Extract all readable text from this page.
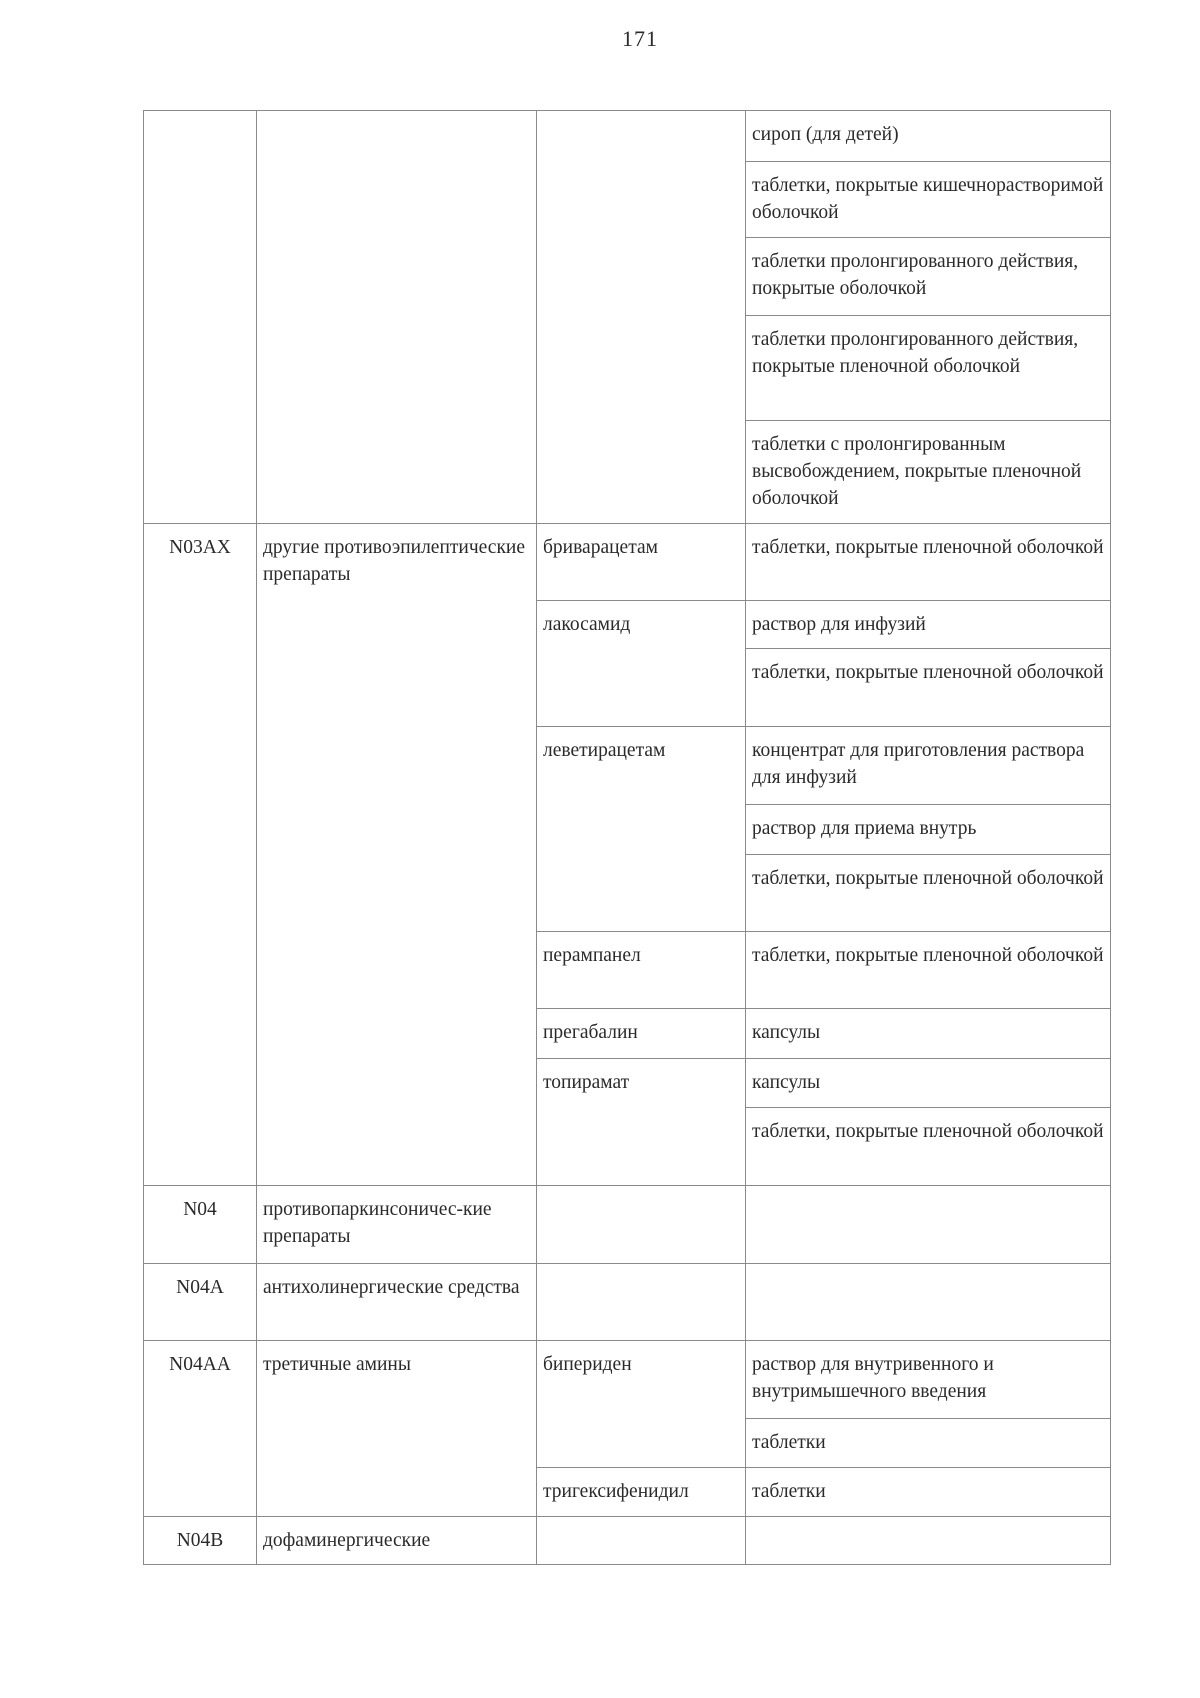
171
			сироп (для детей)
			таблетки, покрытые кишечнорастворимой оболочкой
			таблетки пролонгированного действия, покрытые оболочкой
			таблетки пролонгированного действия, покрытые пленочной оболочкой
			таблетки с пролонгированным высвобождением, покрытые пленочной оболочкой
N03AX	другие противоэпилептические препараты	бриварацетам	таблетки, покрытые пленочной оболочкой
		лакосамид	раствор для инфузий
			таблетки, покрытые пленочной оболочкой
		леветирацетам	концентрат для приготовления раствора для инфузий
			раствор для приема внутрь
			таблетки, покрытые пленочной оболочкой
		перампанел	таблетки, покрытые пленочной оболочкой
		прегабалин	капсулы
		топирамат	капсулы
			таблетки, покрытые пленочной оболочкой
N04	противопаркинсоничес-кие препараты		
N04A	антихолинергические средства		
N04AA	третичные амины	бипериден	раствор для внутривенного и внутримышечного введения
			таблетки
		тригексифенидил	таблетки
N04B	дофаминергические		
